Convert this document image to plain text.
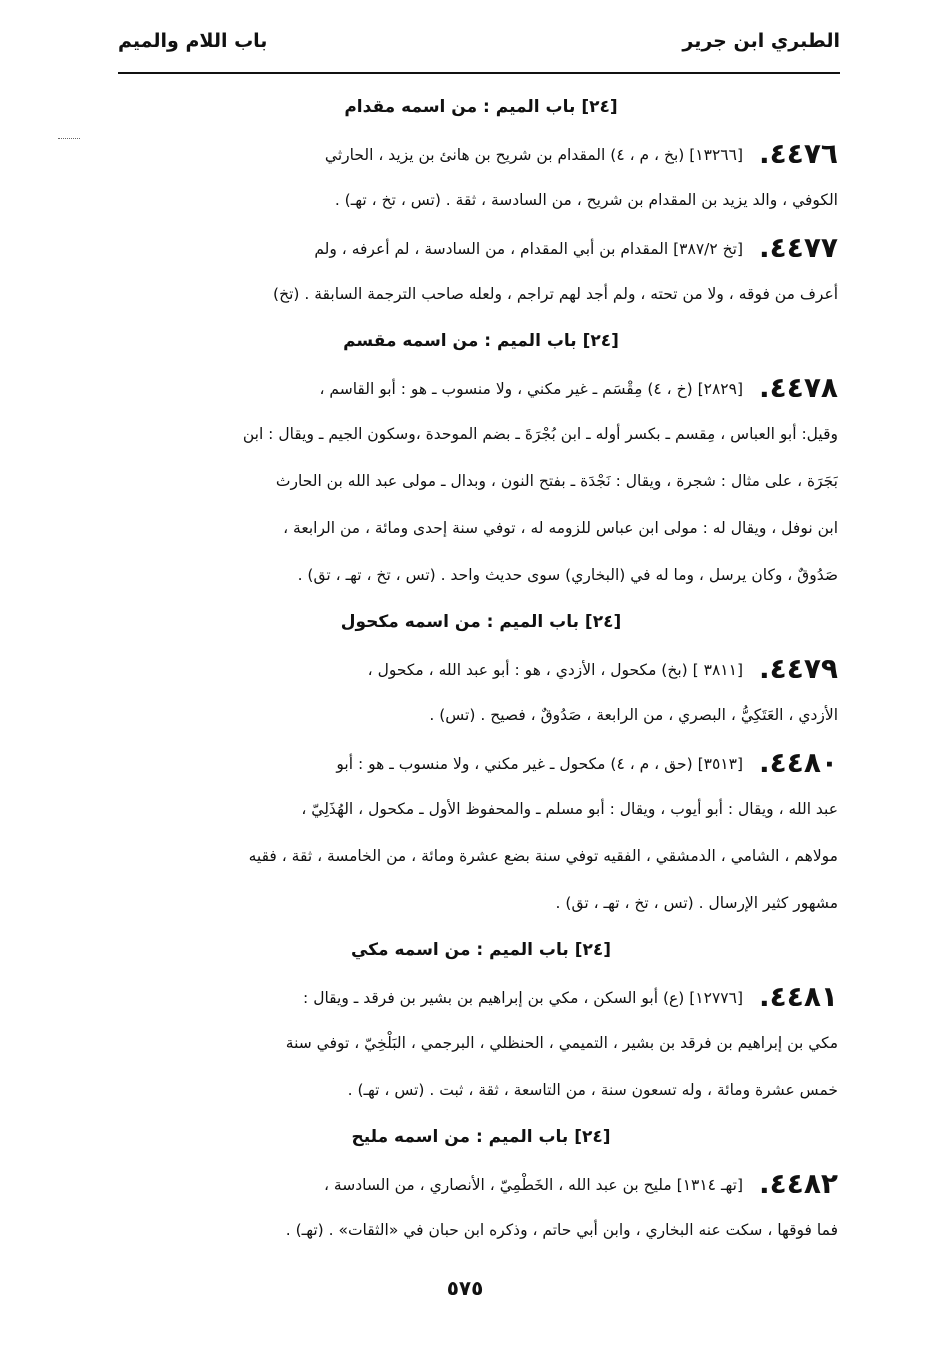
الطبري ابن جرير
باب اللام والميم
[٢٤] باب الميم : من اسمه مقدام
٤٤٧٦.[١٣٢٦٦] (بخ ، م ، ٤) المقدام بن شريح بن هانئ بن يزيد ، الحارثي
الكوفي ، والد يزيد بن المقدام بن شريح ، من السادسة ، ثقة . (تس ، تخ ، تهـ) .
٤٤٧٧.[تخ ٣٨٧/٢] المقدام بن أبي المقدام ، من السادسة ، لم أعرفه ، ولم
أعرف من فوقه ، ولا من تحته ، ولم أجد لهم تراجم ، ولعله صاحب الترجمة السابقة . (تخ)
[٢٤] باب الميم : من اسمه مقسم
٤٤٧٨.[٢٨٢٩] (خ ، ٤) مِقْسَم ـ غير مكني ، ولا منسوب ـ هو : أبو القاسم ،
وقيل: أبو العباس ، مِقسم ـ بكسر أوله ـ ابن بُجْرَةَ ـ بضم الموحدة ،وسكون الجيم ـ ويقال : ابن
بَجَرَة ، على مثال : شجرة ، ويقال : نَجْدَة ـ بفتح النون ، وبدال ـ مولى عبد الله بن الحارث
ابن نوفل ، ويقال له : مولى ابن عباس للزومه له ، توفي سنة إحدى ومائة ، من الرابعة ،
صَدُوقٌ ، وكان يرسل ، وما له في (البخاري) سوى حديث واحد . (تس ، تخ ، تهـ ، تق) .
[٢٤] باب الميم : من اسمه مكحول
٤٤٧٩.[٣٨١١ ] (بخ) مكحول ، الأزدي ، هو : أبو عبد الله ، مكحول ،
الأزدي ، العَتَكِيُّ ، البصري ، من الرابعة ، صَدُوقٌ ، فصيح . (تس) .
٤٤٨٠.[٣٥١٣] (حق ، م ، ٤) مكحول ـ غير مكني ، ولا منسوب ـ هو : أبو
عبد الله ، ويقال : أبو أيوب ، ويقال : أبو مسلم ـ والمحفوظ الأول ـ مكحول ، الهُذَلِيّ ،
مولاهم ، الشامي ، الدمشقي ، الفقيه توفي سنة بضع عشرة ومائة ، من الخامسة ، ثقة ، فقيه
مشهور كثير الإرسال . (تس ، تخ ، تهـ ، تق) .
[٢٤] باب الميم : من اسمه مكي
٤٤٨١.[١٢٧٧٦] (ع) أبو السكن ، مكي بن إبراهيم بن بشير بن فرقد ـ ويقال :
مكي بن إبراهيم بن فرقد بن بشير ، التميمي ، الحنظلي ، البرجمي ، البَلْخِيّ ، توفي سنة
خمس عشرة ومائة ، وله تسعون سنة ، من التاسعة ، ثقة ، ثبت . (تس ، تهـ) .
[٢٤] باب الميم : من اسمه مليح
٤٤٨٢.[تهـ ١٣١٤] مليح بن عبد الله ، الخَطْمِيّ ، الأنصاري ، من السادسة ،
فما فوقها ، سكت عنه البخاري ، وابن أبي حاتم ، وذكره ابن حبان في «الثقات» . (تهـ) .
٥٧٥
